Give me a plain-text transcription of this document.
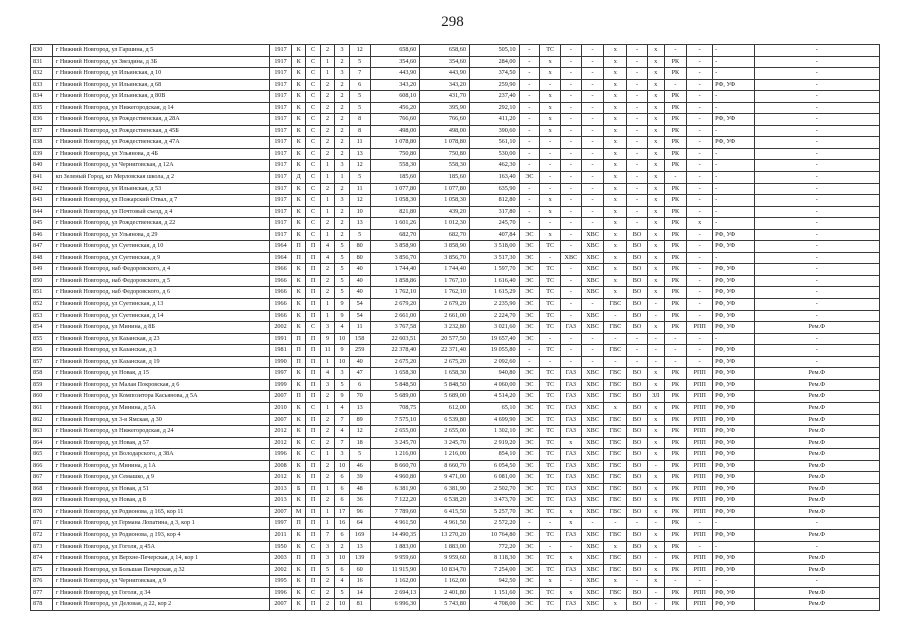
298
830	г Нижний Новгород, ул Гаршина, д 5	1917	К	С	2	3	12	658,60	658,60	505,10	-	ТС	-	-	х	-	х	-	-	-	-
831	г Нижний Новгород, ул Звездина, д 3Б	1917	К	С	1	2	5	354,60	354,60	284,00	-	х	-	-	х	-	х	РК	-	-	-
832	г Нижний Новгород, ул Ильинская, д 10	1917	К	С	1	3	7	443,90	443,90	374,50	-	х	-	-	х	-	х	РК	-	-	-
833	г Нижний Новгород, ул Ильинская, д 68	1917	К	С	2	2	6	343,20	343,20	259,90	-	-	-	-	х	-	х	-	-	РФ, УФ	-
834	г Нижний Новгород, ул Ильинская, д 80В	1917	К	С	2	2	5	608,10	431,70	237,40	-	х	-	-	х	-	х	РК	-	-	-
835	г Нижний Новгород, ул Нижегородская, д 14	1917	К	С	2	2	5	456,20	395,90	292,10	-	х	-	-	х	-	х	РК	-	-	-
836	г Нижний Новгород, ул Рождественская, д 28А	1917	К	С	2	2	8	766,60	766,60	411,20	-	х	-	-	х	-	х	РК	-	РФ, УФ	-
837	г Нижний Новгород, ул Рождественская, д 45Б	1917	К	С	2	2	8	498,00	498,00	390,60	-	х	-	-	х	-	х	РК	-	-	-
838	г Нижний Новгород, ул Рождественская, д 47А	1917	К	С	2	2	11	1 078,80	1 078,80	561,10	-	-	-	-	х	-	х	РК	-	РФ, УФ	-
839	г Нижний Новгород, ул Ульянова, д 4Б	1917	К	С	2	2	13	750,80	750,80	530,00	-	-	-	-	х	-	х	РК	-	-	-
840	г Нижний Новгород, ул Черниговская, д 12А	1917	К	С	1	3	12	558,30	558,30	462,30	-	-	-	-	х	-	х	РК	-	-	-
841	кп Зеленый Город, кп Мерловская школа, д 2	1917	Д	С	1	1	5	185,60	185,60	163,40	ЭС	-	-	-	х	-	х	-	-	-	-
842	г Нижний Новгород, ул Ильинская, д 53	1917	К	С	2	2	11	1 077,80	1 077,80	635,90	-	-	-	-	х	-	х	РК	-	-	-
843	г Нижний Новгород, ул Пожарский Отвал, д 7	1917	К	С	1	3	12	1 058,30	1 058,30	812,80	-	х	-	-	х	-	х	РК	-	-	-
844	г Нижний Новгород, ул Почтовый съезд, д 4	1917	К	С	1	2	10	821,80	439,20	317,80	-	х	-	-	х	-	х	РК	-	-	-
845	г Нижний Новгород, ул Рождественская, д 22	1917	К	С	2	2	13	1 601,26	1 012,30	245,70	-	-	-	-	х	-	х	РК	х	-	-
846	г Нижний Новгород, ул Ульянова, д 29	1917	К	С	1	2	5	682,70	682,70	407,84	ЭС	х	-	ХВС	х	ВО	х	РК	-	РФ, УФ	-
847	г Нижний Новгород, ул Суетинская, д 10	1964	П	П	4	5	80	3 858,90	3 858,90	3 518,00	ЭС	ТС	-	ХВС	х	ВО	х	РК	-	РФ, УФ	-
848	г Нижний Новгород, ул Суетинская, д 9	1964	П	П	4	5	80	3 856,70	3 856,70	3 517,30	ЭС	-	ХВС	ХВС	х	ВО	х	РК	-	-	-
849	г Нижний Новгород, наб Федоровского, д 4	1966	К	П	2	5	40	1 744,40	1 744,40	1 597,70	ЭС	ТС	-	ХВС	х	ВО	х	РК	-	РФ, УФ	-
850	г Нижний Новгород, наб Федоровского, д 5	1966	К	П	2	5	40	1 858,86	1 767,10	1 616,40	ЭС	ТС	-	ХВС	х	ВО	х	РК	-	РФ, УФ	-
851	г Нижний Новгород, наб Федоровского, д 6	1966	К	П	2	5	40	1 762,10	1 762,10	1 615,29	ЭС	ТС	-	ХВС	х	ВО	х	РК	-	РФ, УФ	-
852	г Нижний Новгород, ул Суетинская, д 13	1966	К	П	1	9	54	2 679,20	2 679,20	2 235,90	ЭС	ТС	-	-	ГВС	ВО	-	РК	-	РФ, УФ	-
853	г Нижний Новгород, ул Суетинская, д 14	1966	К	П	1	9	54	2 661,00	2 661,00	2 224,70	ЭС	ТС	-	ХВС	-	ВО	-	РК	-	РФ, УФ	-
854	г Нижний Новгород, ул Минина, д 8Б	2002	К	С	3	4	11	3 767,58	3 232,80	3 021,60	ЭС	ТС	ГАЗ	ХВС	ГВС	ВО	х	РК	РПП	РФ, УФ	Рем.Ф
855	г Нижний Новгород, ул Казанская, д 23	1991	П	П	9	10	158	22 603,51	20 577,50	19 657,40	ЭС	-	-	-	-	-	-	-	-	-	-
856	г Нижний Новгород, ул Казанская, д 3	1981	П	П	11	9	259	22 378,40	22 371,40	19 055,80	-	ТС	-	-	ГВС	-	-	-	-	РФ, УФ	-
857	г Нижний Новгород, ул Казанская, д 19	1990	П	П	1	10	40	2 675,20	2 675,20	2 092,60	-	-	-	-	-	-	-	-	-	РФ, УФ	-
858	г Нижний Новгород, ул Новая, д 15	1997	К	П	4	3	47	1 658,30	1 658,30	940,80	ЭС	ТС	ГАЗ	ХВС	ГВС	ВО	х	РК	РПП	РФ, УФ	Рем.Ф
859	г Нижний Новгород, ул Малая Покровская, д 6	1999	К	П	3	5	6	5 848,50	5 848,50	4 060,00	ЭС	ТС	ГАЗ	ХВС	ГВС	ВО	х	РК	РПП	РФ, УФ	Рем.Ф
860	г Нижний Новгород, ул Композитора Касьянова, д 5А	2007	П	П	2	9	70	5 689,00	5 689,00	4 514,20	ЭС	ТС	ГАЗ	ХВС	ГВС	ВО	ЗЛ	РК	РПП	РФ, УФ	Рем.Ф
861	г Нижний Новгород, ул Минина, д 5А	2010	К	С	1	4	13	708,75	612,00	65,10	ЭС	ТС	ГАЗ	ХВС	х	ВО	х	РК	РПП	РФ, УФ	Рем.Ф
862	г Нижний Новгород, ул 3-я Ямская, д 30	2007	К	П	2	7	89	7 575,10	6 539,80	4 699,90	ЭС	ТС	ГАЗ	ХВС	ГВС	ВО	х	РК	РПП	РФ, УФ	Рем.Ф
863	г Нижний Новгород, ул Нижегородская, д 24	2012	К	П	2	4	12	2 655,00	2 655,00	1 302,10	ЭС	ТС	ГАЗ	ХВС	ГВС	ВО	х	РК	РПП	РФ, УФ	Рем.Ф
864	г Нижний Новгород, ул Новая, д 57	2012	К	С	2	7	18	3 245,70	3 245,70	2 919,20	ЭС	ТС	х	ХВС	ГВС	ВО	х	РК	РПП	РФ, УФ	Рем.Ф
865	г Нижний Новгород, ул Володарского, д 38А	1996	К	С	1	3	5	1 216,00	1 216,00	854,10	ЭС	ТС	ГАЗ	ХВС	ГВС	ВО	х	РК	РПП	РФ, УФ	Рем.Ф
866	г Нижний Новгород, ул Минина, д 1А	2008	К	П	2	10	46	8 660,70	8 660,70	6 054,50	ЭС	ТС	ГАЗ	ХВС	ГВС	ВО	-	РК	РПП	РФ, УФ	Рем.Ф
867	г Нижний Новгород, ул Семашко, д 9	2012	К	П	2	6	39	4 960,80	9 471,00	6 081,00	ЭС	ТС	ГАЗ	ХВС	ГВС	ВО	х	РК	РПП	РФ, УФ	Рем.Ф
868	г Нижний Новгород, ул Новая, д 51	2013	Б	П	1	6	48	6 381,90	6 381,90	2 502,70	ЭС	ТС	ГАЗ	ХВС	ГВС	ВО	х	РК	РПП	РФ, УФ	Рем.Ф
869	г Нижний Новгород, ул Новая, д 8	2013	К	П	2	6	36	7 122,20	6 538,20	3 473,70	ЭС	ТС	ГАЗ	ХВС	ГВС	ВО	х	РК	РПП	РФ, УФ	Рем.Ф
870	г Нижний Новгород, ул Родионова, д 165, кор 11	2007	М	П	1	17	96	7 789,60	6 415,50	5 257,70	ЭС	ТС	х	ХВС	ГВС	ВО	х	РК	РПП	РФ, УФ	Рем.Ф
871	г Нижний Новгород, ул Германа Лопатина, д 3, кор 1	1997	П	П	1	16	64	4 961,50	4 961,50	2 572,20	-	-	х	-	-	-	-	РК	-	-	-
872	г Нижний Новгород, ул Родионова, д 193, кор 4	2011	К	П	7	6	169	14 490,35	13 270,20	10 764,80	ЭС	ТС	ГАЗ	ХВС	ГВС	ВО	х	РК	РПП	РФ, УФ	Рем.Ф
873	г Нижний Новгород, ул Гоголя, д 45А	1950	К	С	3	2	13	1 883,00	1 883,00	772,20	ЭС	-	-	ХВС	х	ВО	х	РК	-	-	-
874	г Нижний Новгород, ул Верхне-Печерская, д 14, кор 1	2003	П	П	3	10	139	9 959,60	9 959,60	8 118,30	ЭС	ТС	х	ХВС	ГВС	ВО	-	РК	РПП	РФ, УФ	Рем.Ф
875	г Нижний Новгород, ул Большая Печерская, д 32	2002	К	П	5	6	60	11 915,90	10 834,70	7 254,00	ЭС	ТС	ГАЗ	ХВС	ГВС	ВО	х	РК	РПП	РФ, УФ	Рем.Ф
876	г Нижний Новгород, ул Черниговская, д 9	1995	К	П	2	4	16	1 162,00	1 162,00	942,50	ЭС	х	-	ХВС	х	-	х	-	-	-	-
877	г Нижний Новгород, ул Гоголя, д 34	1996	К	С	2	5	14	2 694,13	2 401,80	1 151,60	ЭС	ТС	х	ХВС	ГВС	ВО	-	РК	РПП	РФ, УФ	Рем.Ф
878	г Нижний Новгород, ул Деловая, д 22, кор 2	2007	К	П	2	10	81	6 996,30	5 743,80	4 708,00	ЭС	ТС	ГАЗ	ХВС	х	ВО	-	РК	РПП	РФ, УФ	Рем.Ф
